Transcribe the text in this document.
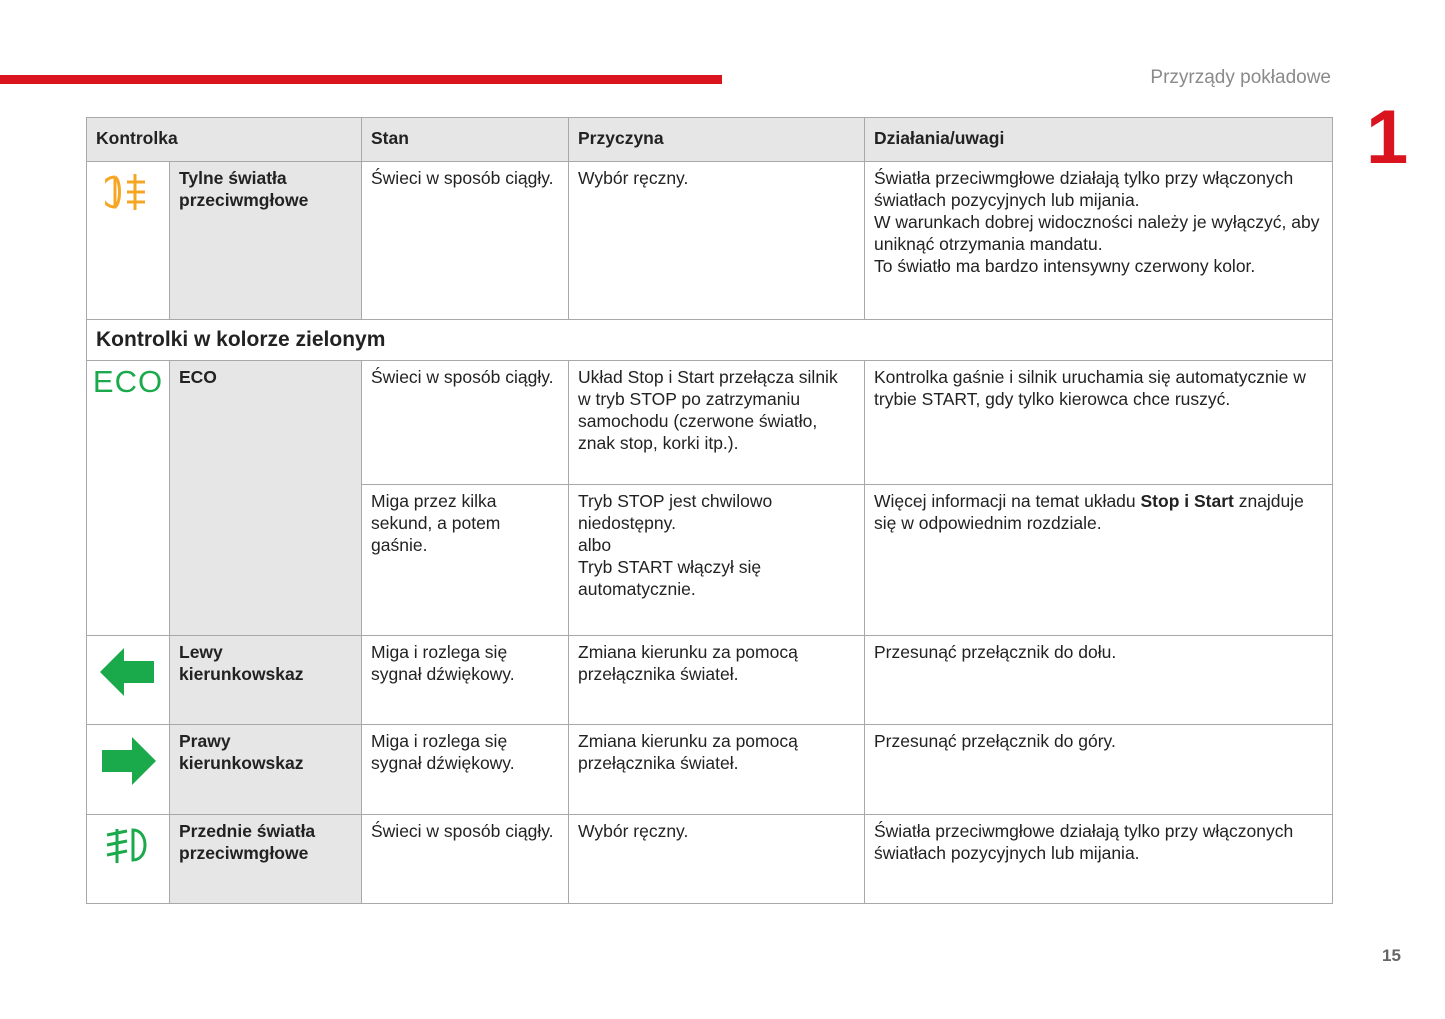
Przyrządy pokładowe
1
15
Kontrolka		Stan	Przyczyna	Działania/uwagi
	Tylne światła przeciwmgłowe	Świeci w sposób ciągły.	Wybór ręczny.	Światła przeciwmgłowe działają tylko przy włączonych światłach pozycyjnych lub mijania.
W warunkach dobrej widoczności należy je wyłączyć, aby uniknąć otrzymania mandatu.
To światło ma bardzo intensywny czerwony kolor.
Kontrolki w kolorze zielonym				
ECO	ECO	Świeci w sposób ciągły.	Układ Stop i Start przełącza silnik w tryb STOP po zatrzymaniu samochodu (czerwone światło, znak stop, korki itp.).	Kontrolka gaśnie i silnik uruchamia się automatycznie w trybie START, gdy tylko kierowca chce ruszyć.
		Miga przez kilka sekund, a potem gaśnie.	Tryb STOP jest chwilowo niedostępny.
albo
Tryb START włączył się automatycznie.	Więcej informacji na temat układu Stop i Start znajduje się w odpowiednim rozdziale.
	Lewy kierunkowskaz	Miga i rozlega się sygnał dźwiękowy.	Zmiana kierunku za pomocą przełącznika świateł.	Przesunąć przełącznik do dołu.
	Prawy kierunkowskaz	Miga i rozlega się sygnał dźwiękowy.	Zmiana kierunku za pomocą przełącznika świateł.	Przesunąć przełącznik do góry.
	Przednie światła przeciwmgłowe	Świeci w sposób ciągły.	Wybór ręczny.	Światła przeciwmgłowe działają tylko przy włączonych światłach pozycyjnych lub mijania.
